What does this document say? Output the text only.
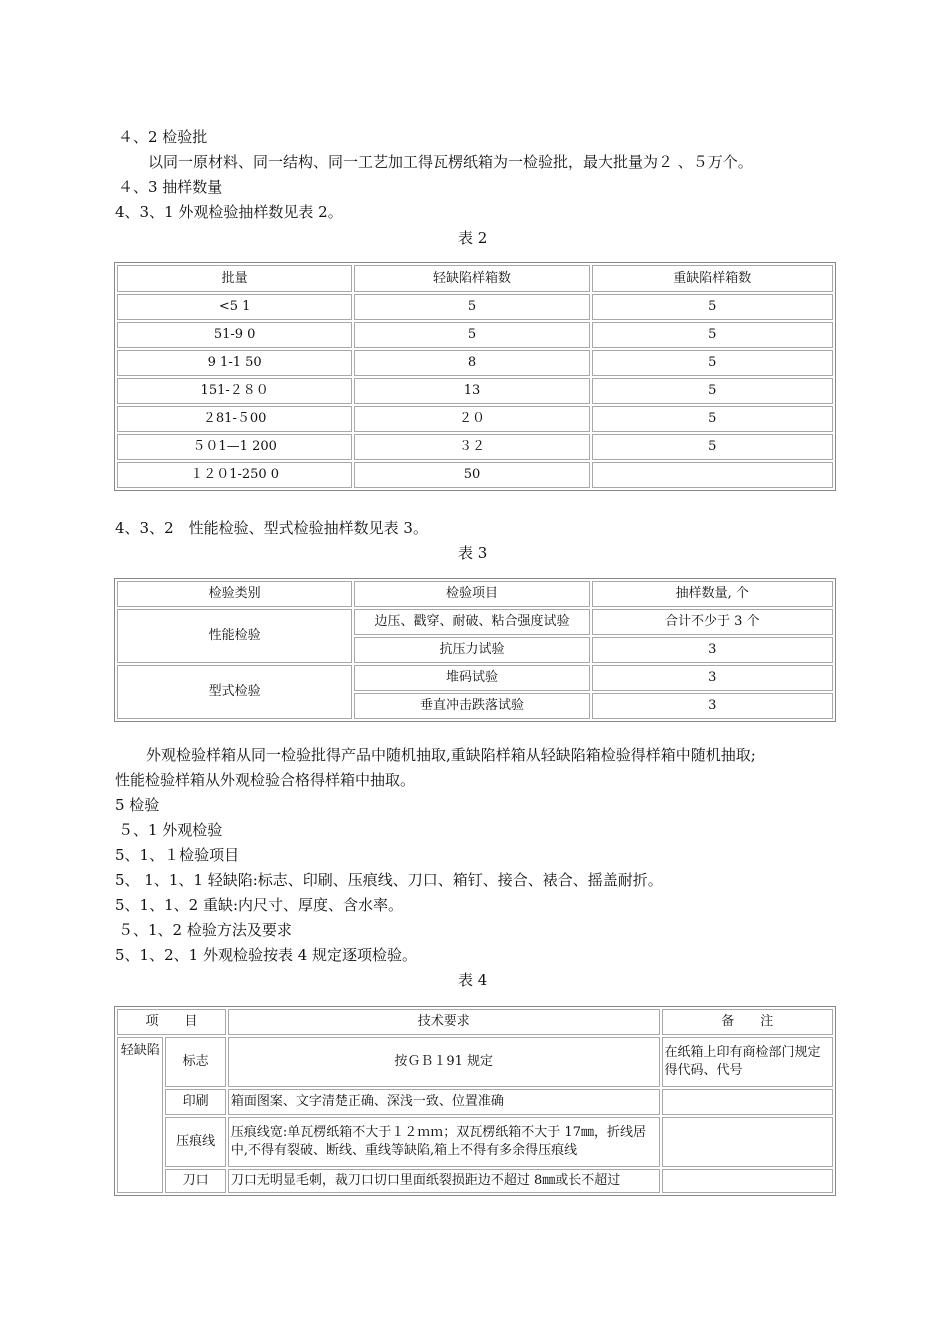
４、2 检验批
以同一原材料、同一结构、同一工艺加工得瓦楞纸箱为一检验批，最大批量为２ 、５万个。
４、3 抽样数量
4、3、1 外观检验抽样数见表 2。
表 2
批量	轻缺陷样箱数	重缺陷样箱数
<5 1	5	5
51-9 0	5	5
9 1-1 50	8	5
151-２８０	13	5
２81-５00	２０	5
５０1—1 200	３２	5
１２０1-250 0	50	
4、3、2　性能检验、型式检验抽样数见表 3。
表 3
检验类别	检验项目	抽样数量, 个
性能检验	边压、戳穿、耐破、粘合强度试验	合计不少于 3 个
	抗压力试验	3
型式检验	堆码试验	3
	垂直冲击跌落试验	3
外观检验样箱从同一检验批得产品中随机抽取,重缺陷样箱从轻缺陷箱检验得样箱中随机抽取;
性能检验样箱从外观检验合格得样箱中抽取。
5 检验
５、1 外观检验
5、1、１检验项目
5、 1、1、1 轻缺陷:标志、印刷、压痕线、刀口、箱钉、接合、裱合、摇盖耐折。
5、1、1、2 重缺:内尺寸、厚度、含水率。
５、1、2 检验方法及要求
5、1、2、1 外观检验按表 4 规定逐项检验。
表 4
项　　目		技术要求	备　　注
轻缺陷	标志	按ＧＢ１91 规定	在纸箱上印有商检部门规定得代码、代号
	印刷	箱面图案、文字清楚正确、深浅一致、位置准确	
	压痕线	压痕线宽:单瓦楞纸箱不大于１２ｍｍ；双瓦楞纸箱不大于 17㎜，折线居中,不得有裂破、断线、重线等缺陷,箱上不得有多余得压痕线	
	刀口	刀口无明显毛刺，裁刀口切口里面纸裂损距边不超过 8㎜或长不超过	
